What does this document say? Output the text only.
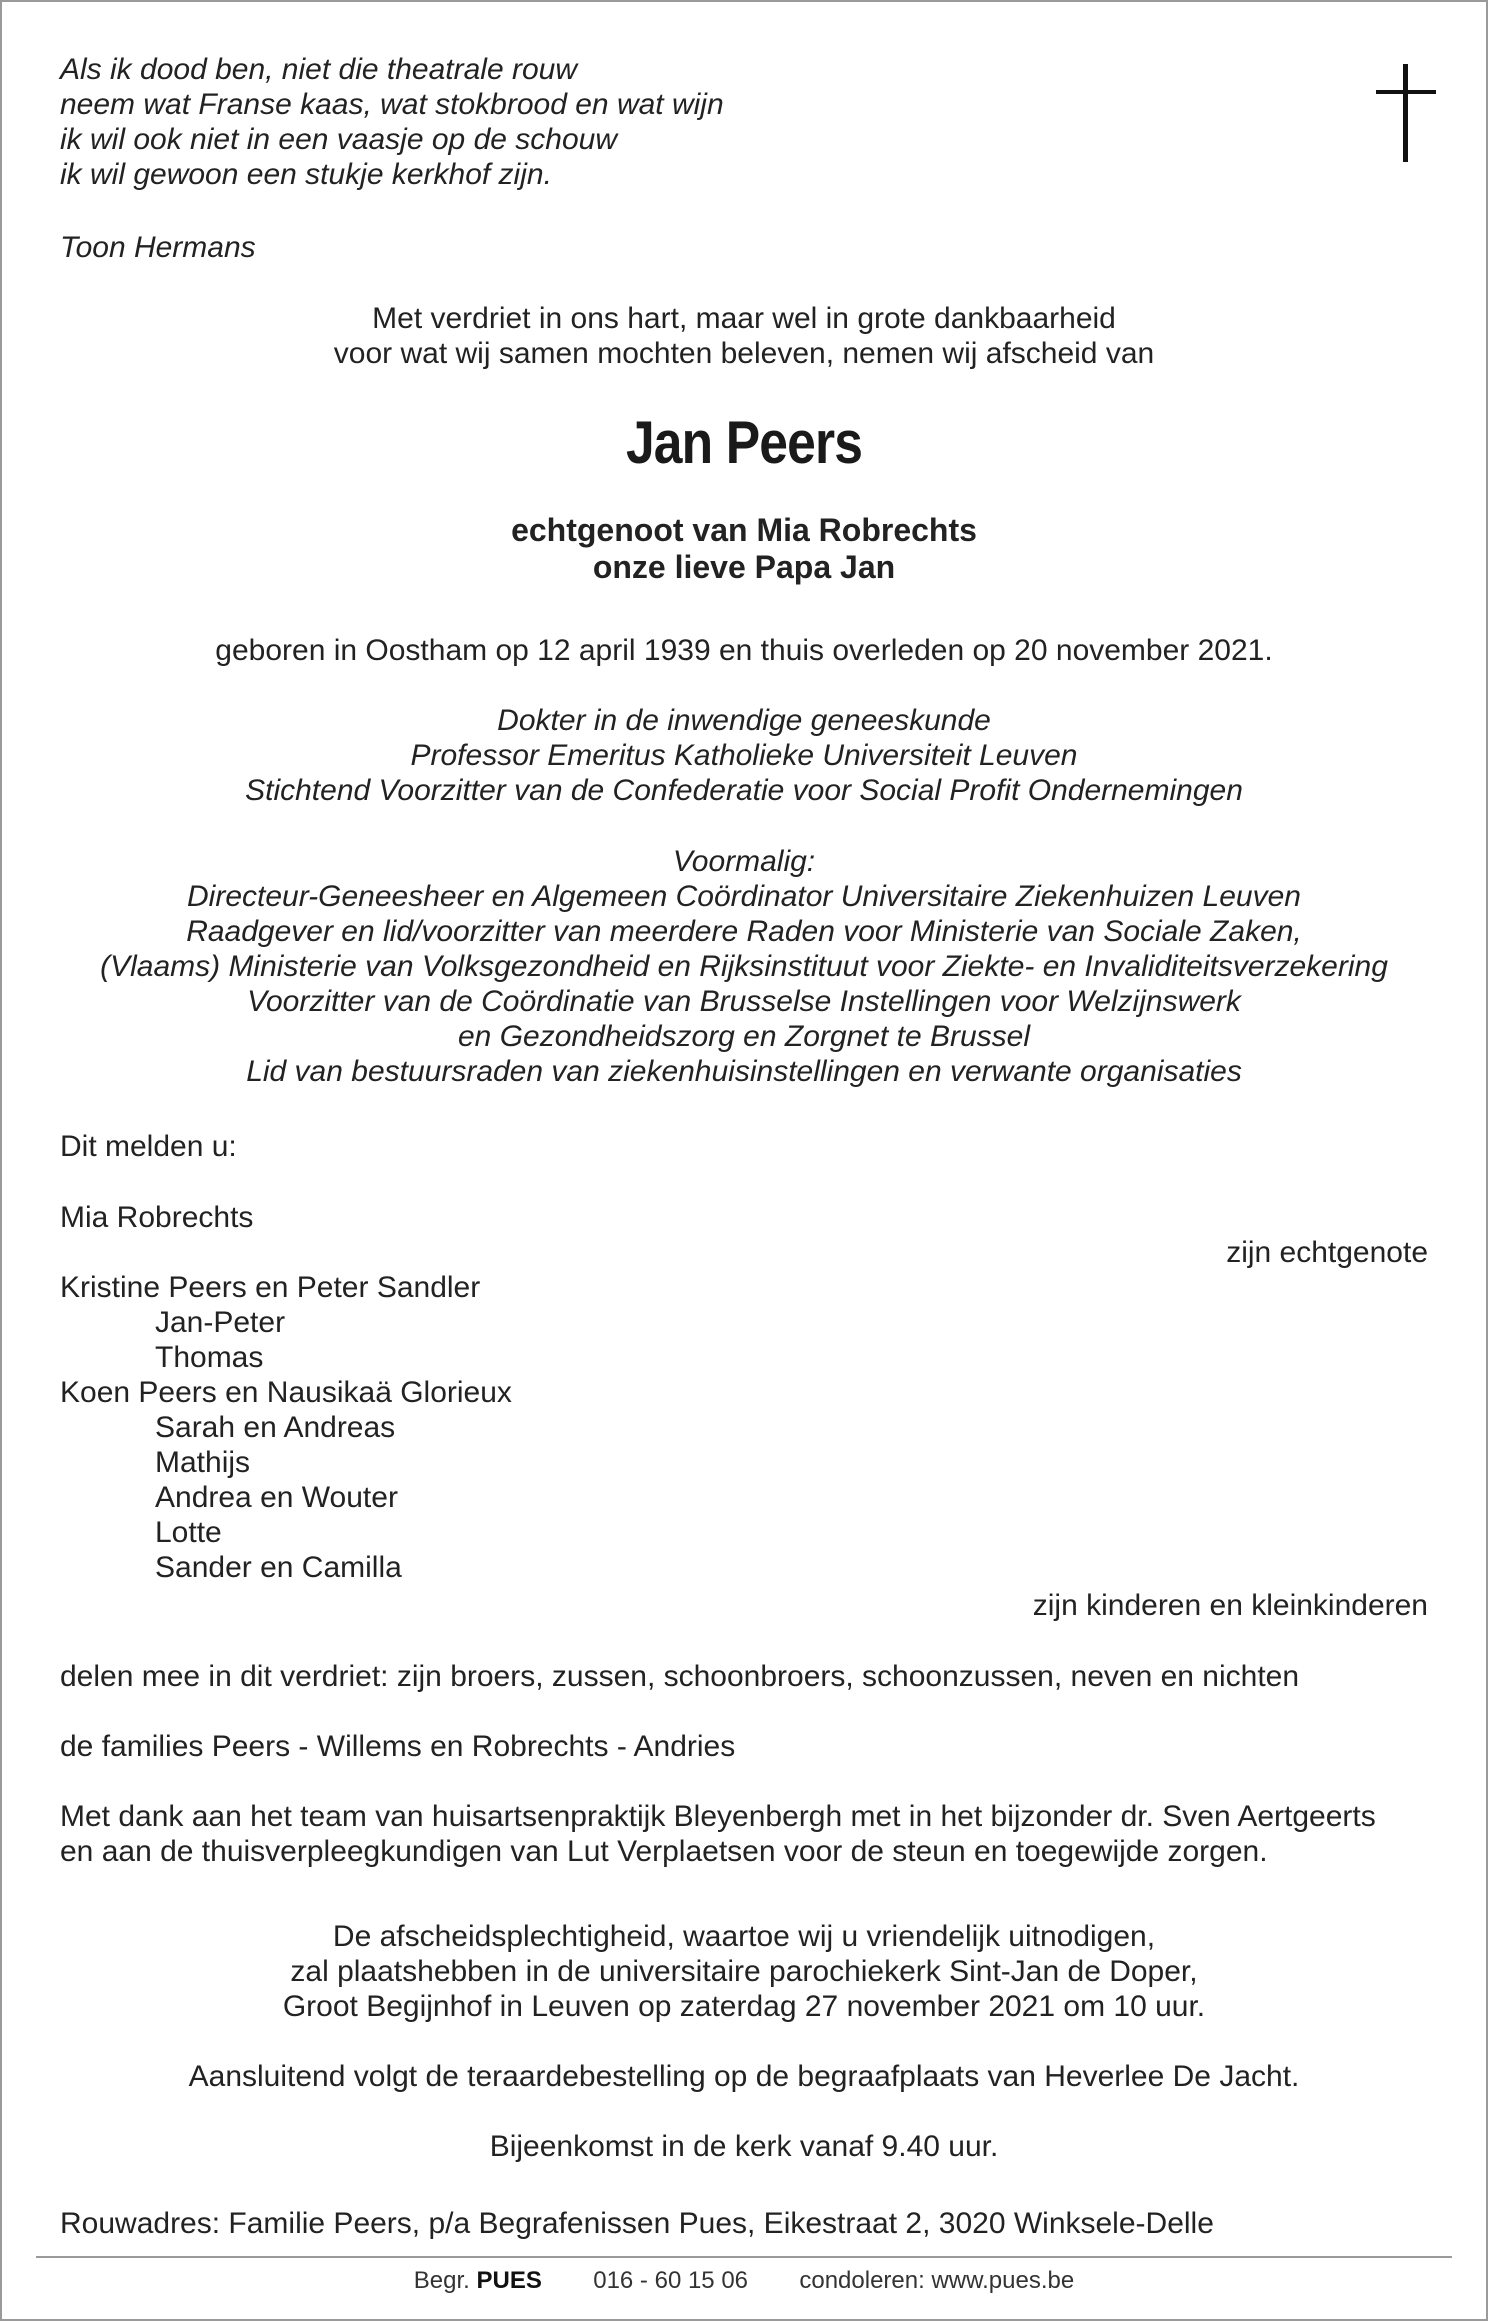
Als ik dood ben, niet die theatrale rouw

neem wat Franse kaas, wat stokbrood en wat wijn

ik wil ook niet in een vaasje op de schouw

ik wil gewoon een stukje kerkhof zijn.

Toon Hermans

Met verdriet in ons hart, maar wel in grote dankbaarheid

voor wat wij samen mochten beleven, nemen wij afscheid van

Jan Peers

echtgenoot van Mia Robrechts

onze lieve Papa Jan

geboren in Oostham op 12 april 1939 en thuis overleden op 20 november 2021.

Dokter in de inwendige geneeskunde

Professor Emeritus Katholieke Universiteit Leuven

Stichtend Voorzitter van de Confederatie voor Social Profit Ondernemingen

Voormalig:

Directeur-Geneesheer en Algemeen Coördinator Universitaire Ziekenhuizen Leuven

Raadgever en lid/voorzitter van meerdere Raden voor Ministerie van Sociale Zaken,

(Vlaams) Ministerie van Volksgezondheid en Rijksinstituut voor Ziekte- en Invaliditeitsverzekering

Voorzitter van de Coördinatie van Brusselse Instellingen voor Welzijnswerk

en Gezondheidszorg en Zorgnet te Brussel

Lid van bestuursraden van ziekenhuisinstellingen en verwante organisaties

Dit melden u:

Mia Robrechts

zijn echtgenote

Kristine Peers en Peter Sandler

Jan-Peter

Thomas

Koen Peers en Nausikaä Glorieux

Sarah en Andreas

Mathijs

Andrea en Wouter

Lotte

Sander en Camilla

zijn kinderen en kleinkinderen

delen mee in dit verdriet: zijn broers, zussen, schoonbroers, schoonzussen, neven en nichten

de families Peers - Willems en Robrechts - Andries

Met dank aan het team van huisartsenpraktijk Bleyenbergh met in het bijzonder dr. Sven Aertgeerts

en aan de thuisverpleegkundigen van Lut Verplaetsen voor de steun en toegewijde zorgen.

De afscheidsplechtigheid, waartoe wij u vriendelijk uitnodigen,

zal plaatshebben in de universitaire parochiekerk Sint-Jan de Doper,

Groot Begijnhof in Leuven op zaterdag 27 november 2021 om 10 uur.

Aansluitend volgt de teraardebestelling op de begraafplaats van Heverlee De Jacht.

Bijeenkomst in de kerk vanaf 9.40 uur.

Rouwadres: Familie Peers, p/a Begrafenissen Pues, Eikestraat 2, 3020 Winksele-Delle

Begr. PUES 016 - 60 15 06 condoleren: www.pues.be
